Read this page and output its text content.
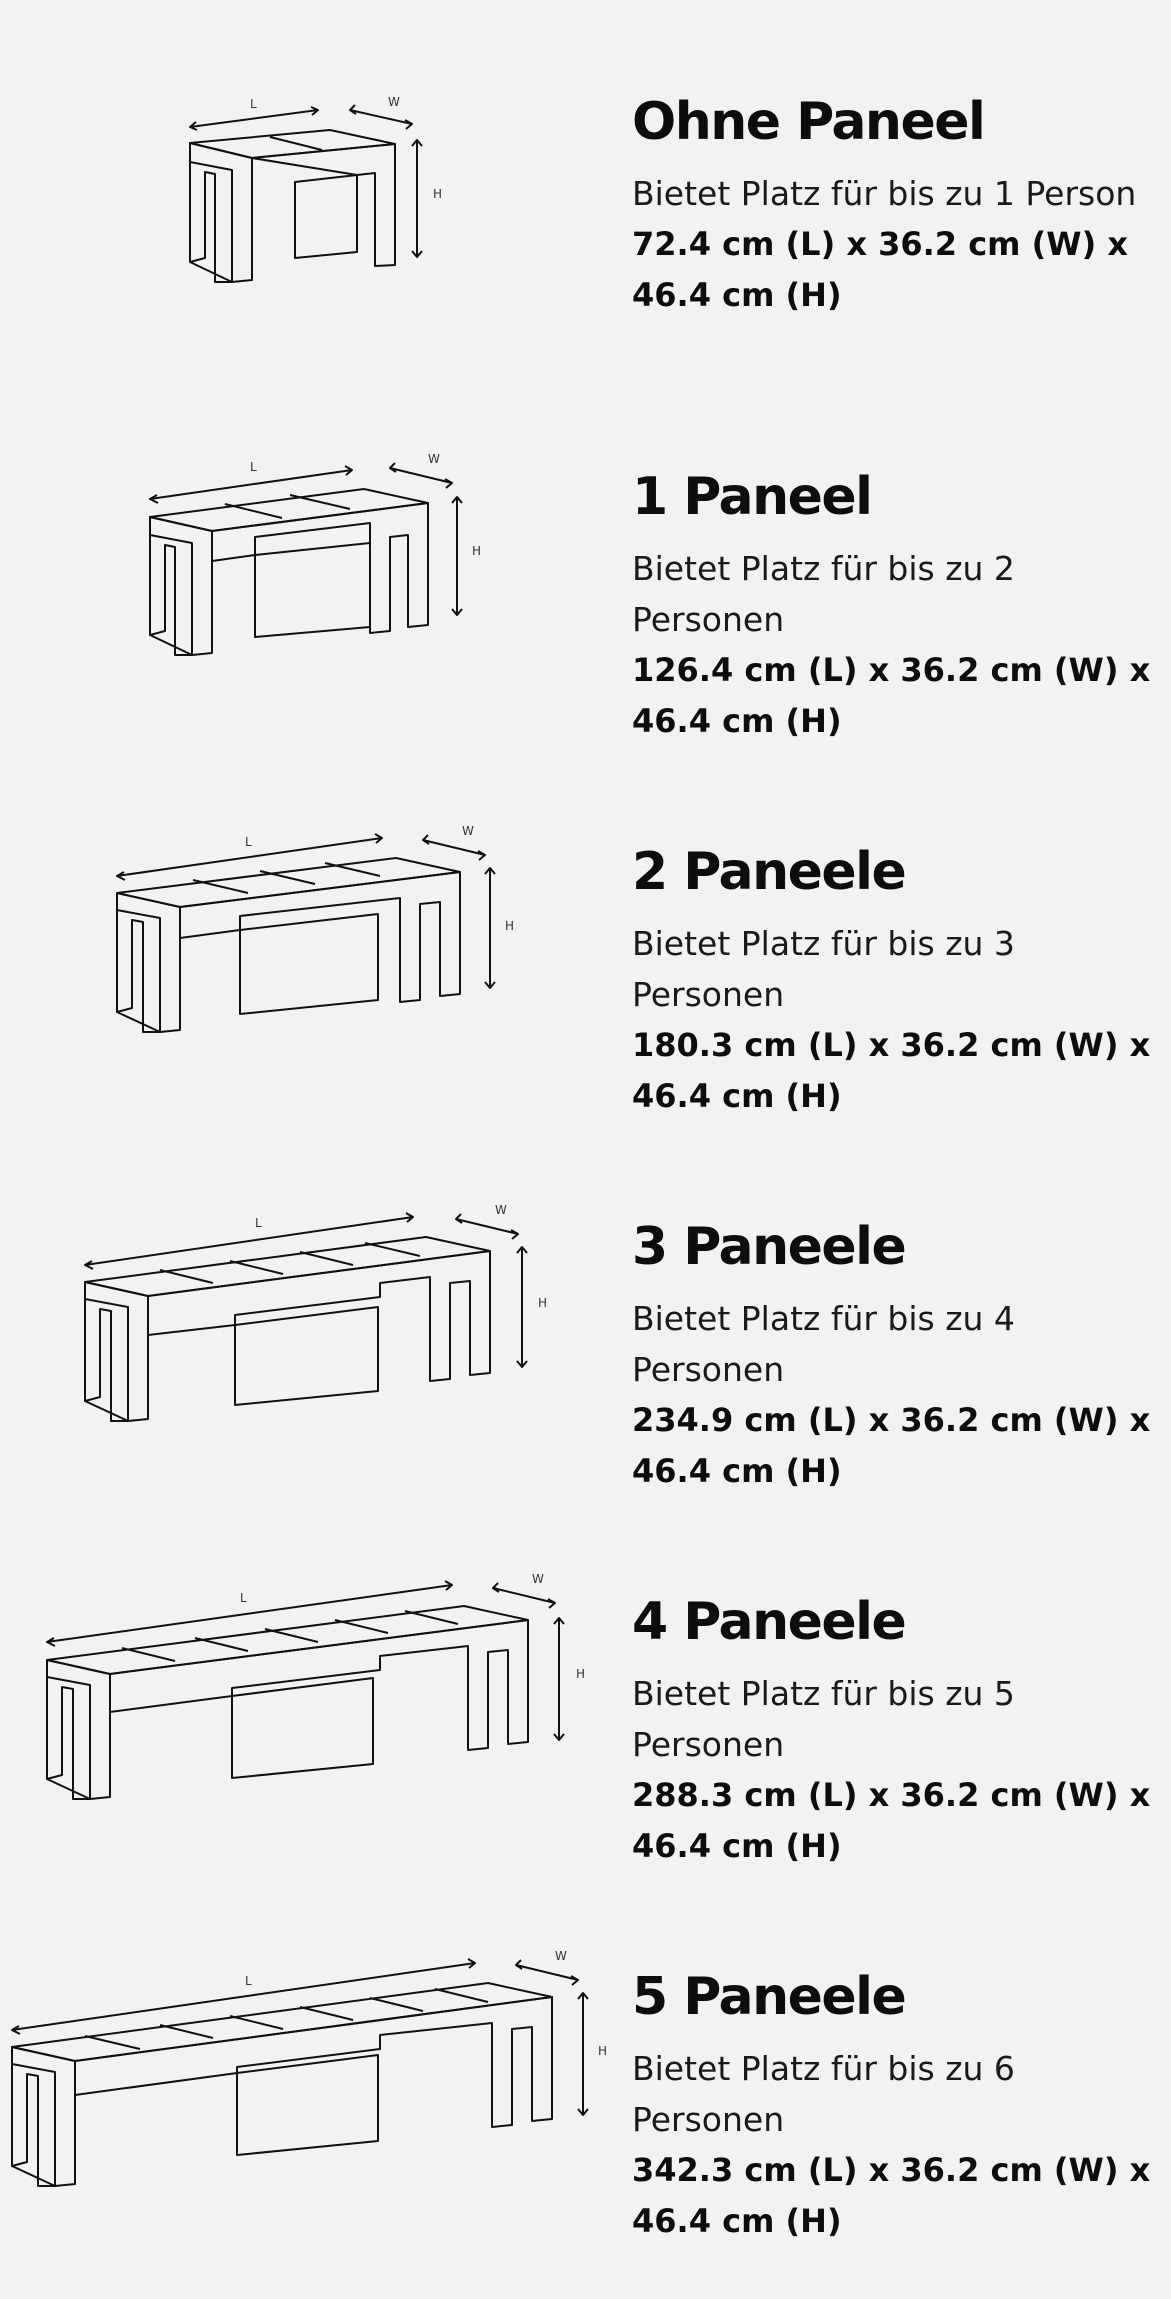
L	W
H
Ohne Paneel

Bietet Platz für bis zu 1 Person

72.4 cm (L) x 36.2 cm (W) x 46.4 cm (H)

L
W
H
1 Paneel

Bietet Platz für bis zu 2 Personen

126.4 cm (L) x 36.2 cm (W) x 46.4 cm (H)

L
W
H
2 Paneele

Bietet Platz für bis zu 3 Personen

180.3 cm (L) x 36.2 cm (W) x 46.4 cm (H)

L
W
H
3 Paneele

Bietet Platz für bis zu 4 Personen

234.9 cm (L) x 36.2 cm (W) x 46.4 cm (H)

L
W
H
4 Paneele

Bietet Platz für bis zu 5 Personen

288.3 cm (L) x 36.2 cm (W) x 46.4 cm (H)

L
W
H
5 Paneele

Bietet Platz für bis zu 6 Personen

342.3 cm (L) x 36.2 cm (W) x 46.4 cm (H)
